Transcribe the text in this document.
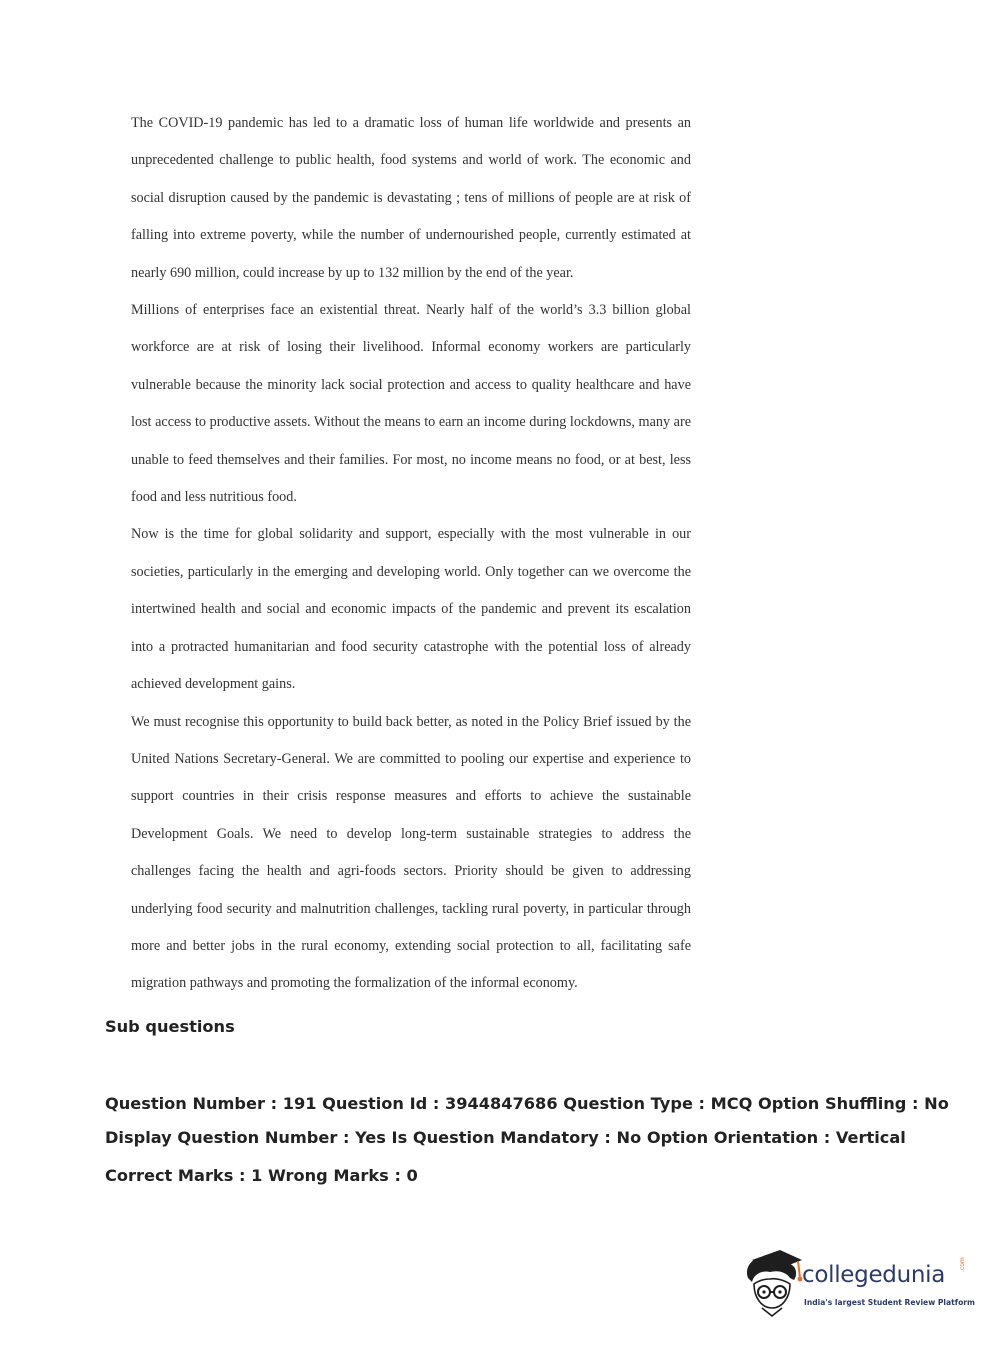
The COVID-19 pandemic has led to a dramatic loss of human life worldwide and presents an unprecedented challenge to public health, food systems and world of work. The economic and social disruption caused by the pandemic is devastating ; tens of millions of people are at risk of falling into extreme poverty, while the number of undernourished people, currently estimated at nearly 690 million, could increase by up to 132 million by the end of the year.

Millions of enterprises face an existential threat. Nearly half of the world’s 3.3 billion global workforce are at risk of losing their livelihood. Informal economy workers are particularly vulnerable because the minority lack social protection and access to quality healthcare and have lost access to productive assets. Without the means to earn an income during lockdowns, many are unable to feed themselves and their families. For most, no income means no food, or at best, less food and less nutritious food.

Now is the time for global solidarity and support, especially with the most vulnerable in our societies, particularly in the emerging and developing world. Only together can we overcome the intertwined health and social and economic impacts of the pandemic and prevent its escalation into a protracted humanitarian and food security catastrophe with the potential loss of already achieved development gains.

We must recognise this opportunity to build back better, as noted in the Policy Brief issued by the United Nations Secretary-General. We are committed to pooling our expertise and experience to support countries in their crisis response measures and efforts to achieve the sustainable Development Goals. We need to develop long-term sustainable strategies to address the challenges facing the health and agri-foods sectors. Priority should be given to addressing underlying food security and malnutrition challenges, tackling rural poverty, in particular through more and better jobs in the rural economy, extending social protection to all, facilitating safe migration pathways and promoting the formalization of the informal economy.

Sub questions
Question Number : 191 Question Id : 3944847686 Question Type : MCQ Option Shuffling : No
Display Question Number : Yes Is Question Mandatory : No Option Orientation : Vertical
Correct Marks : 1 Wrong Marks : 0
collegedunia .com
India's largest Student Review Platform
